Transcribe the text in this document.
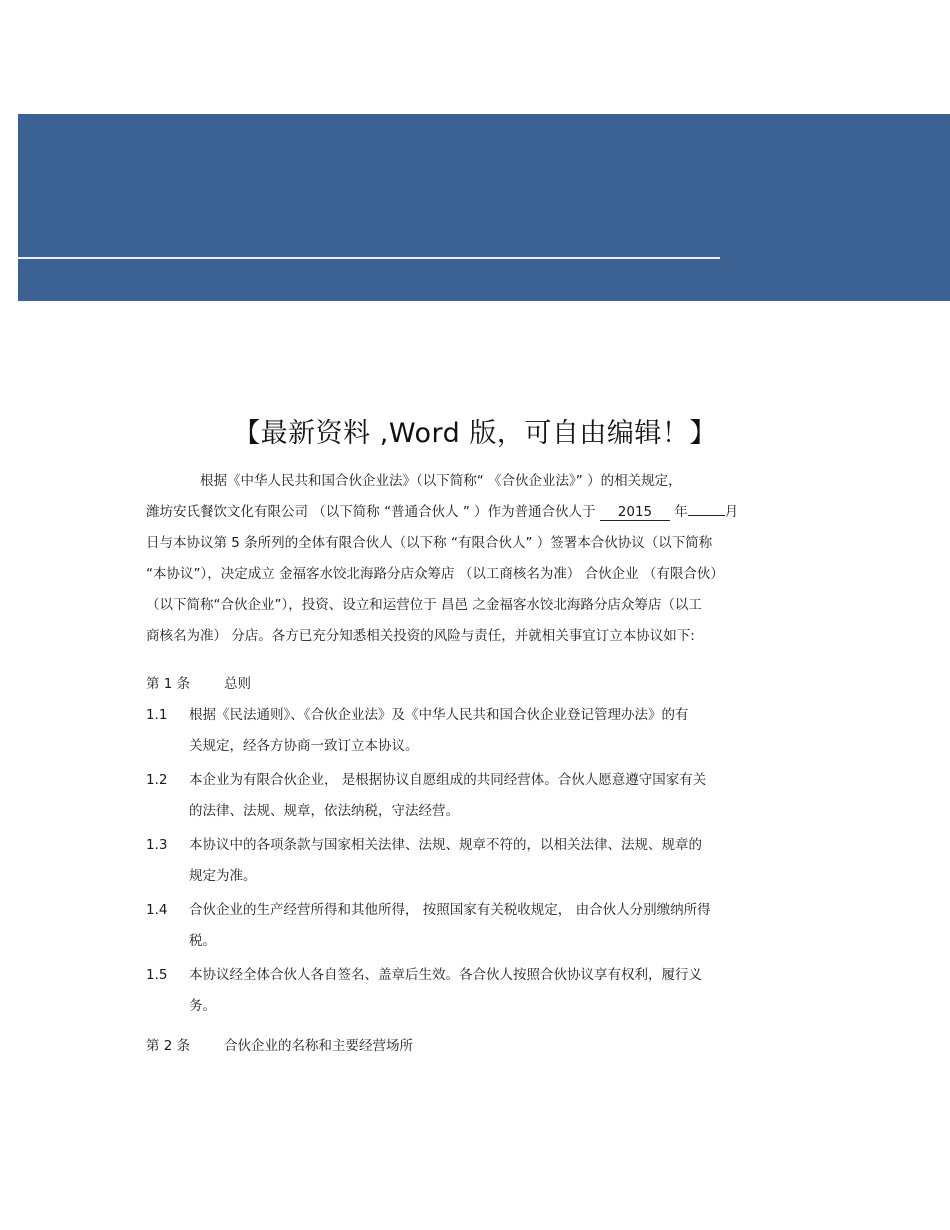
【最新资料 ,Word 版，可自由编辑！】
根据《中华人民共和国合伙企业法》（以下简称“ 《合伙企业法》” ）的相关规定，
潍坊安氏餐饮文化有限公司 （以下简称 “普通合伙人 ” ）作为普通合伙人于 2015 年	月
日与本协议第 5 条所列的全体有限合伙人（以下称 “有限合伙人” ）签署本合伙协议（以下简称
“本协议”），决定成立 金福客水饺北海路分店众筹店 （以工商核名为准） 合伙企业 （有限合伙）
（以下简称“合伙企业”），投资、设立和运营位于 昌邑 之金福客水饺北海路分店众筹店（以工
商核名为准） 分店。各方已充分知悉相关投资的风险与责任，并就相关事宜订立本协议如下:
第 1 条	总则
1.1 根据《民法通则》、《合伙企业法》及《中华人民共和国合伙企业登记管理办法》的有
关规定，经各方协商一致订立本协议。
1.2 本企业为有限合伙企业， 是根据协议自愿组成的共同经营体。合伙人愿意遵守国家有关
的法律、法规、规章，依法纳税，守法经营。
1.3 本协议中的各项条款与国家相关法律、法规、规章不符的，以相关法律、法规、规章的
规定为准。
1.4 合伙企业的生产经营所得和其他所得， 按照国家有关税收规定， 由合伙人分别缴纳所得
税。
1.5 本协议经全体合伙人各自签名、盖章后生效。各合伙人按照合伙协议享有权利，履行义
务。
第 2 条	合伙企业的名称和主要经营场所
